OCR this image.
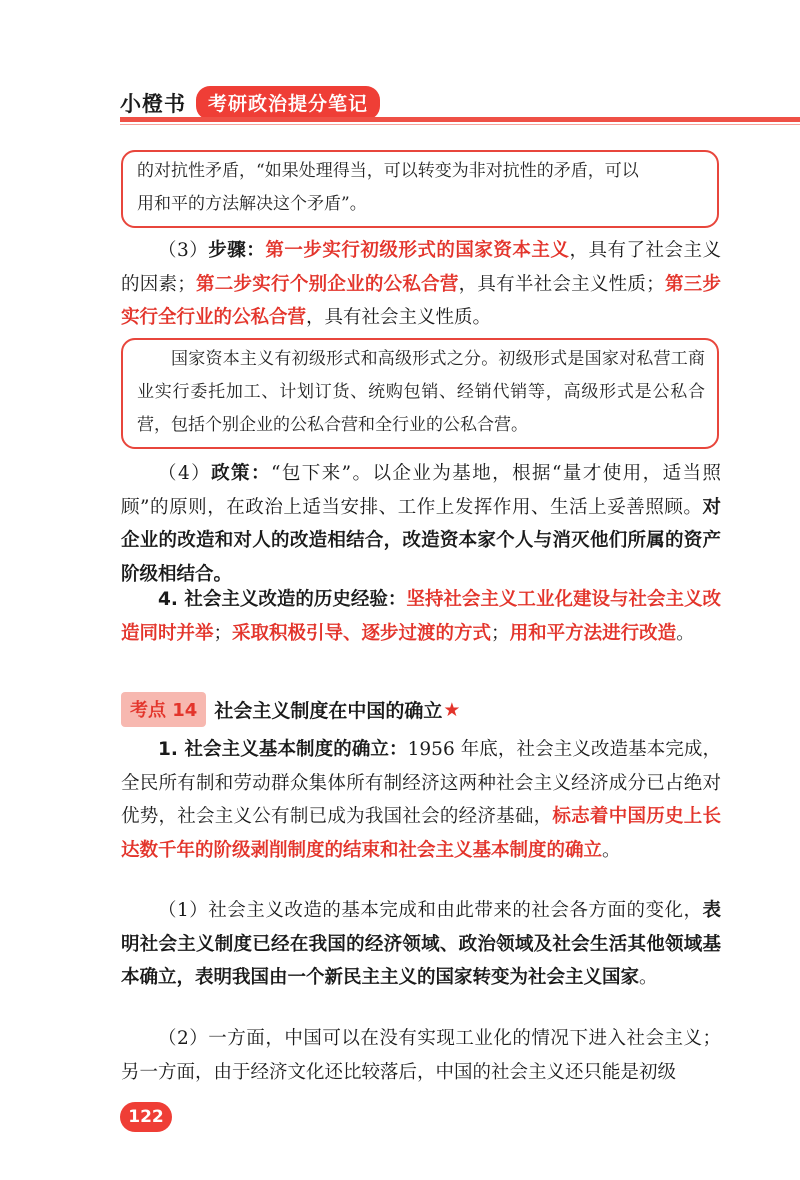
小橙书	考研政治提分笔记
的对抗性矛盾，“如果处理得当，可以转变为非对抗性的矛盾，可以
用和平的方法解决这个矛盾”。

（3）步骤：第一步实行初级形式的国家资本主义，具有了社会主义的因素；第二步实行个别企业的公私合营，具有半社会主义性质；第三步实行全行业的公私合营，具有社会主义性质。

国家资本主义有初级形式和高级形式之分。初级形式是国家对私营工商业实行委托加工、计划订货、统购包销、经销代销等，高级形式是公私合营，包括个别企业的公私合营和全行业的公私合营。

（4）政策：“包下来”。以企业为基地，根据“量才使用，适当照顾”的原则，在政治上适当安排、工作上发挥作用、生活上妥善照顾。对企业的改造和对人的改造相结合，改造资本家个人与消灭他们所属的资产阶级相结合。

4. 社会主义改造的历史经验：坚持社会主义工业化建设与社会主义改造同时并举；采取积极引导、逐步过渡的方式；用和平方法进行改造。

考点 14 社会主义制度在中国的确立 ★

1. 社会主义基本制度的确立：1956 年底，社会主义改造基本完成，全民所有制和劳动群众集体所有制经济这两种社会主义经济成分已占绝对优势，社会主义公有制已成为我国社会的经济基础，标志着中国历史上长达数千年的阶级剥削制度的结束和社会主义基本制度的确立。

（1）社会主义改造的基本完成和由此带来的社会各方面的变化，表明社会主义制度已经在我国的经济领域、政治领域及社会生活其他领域基本确立，表明我国由一个新民主主义的国家转变为社会主义国家。

（2）一方面，中国可以在没有实现工业化的情况下进入社会主义；另一方面，由于经济文化还比较落后，中国的社会主义还只能是初级

122
